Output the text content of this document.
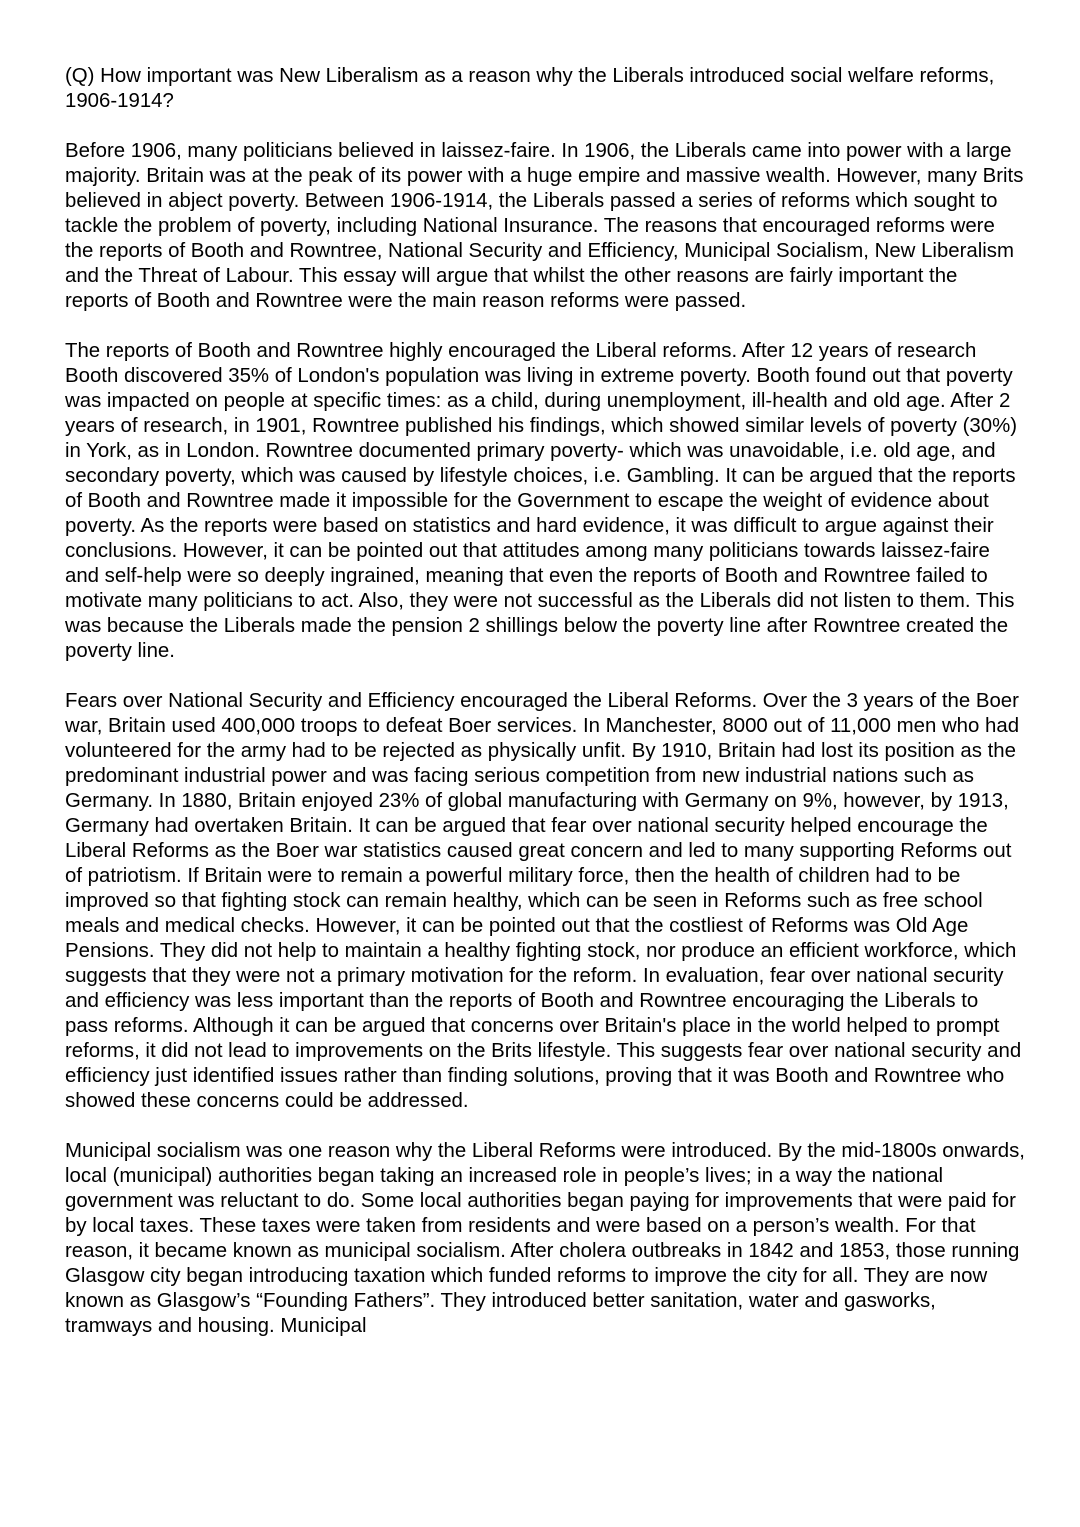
(Q) How important was New Liberalism as a reason why the Liberals introduced social welfare reforms, 1906-1914?

Before 1906, many politicians believed in laissez-faire. In 1906, the Liberals came into power with a large majority. Britain was at the peak of its power with a huge empire and massive wealth. However, many Brits believed in abject poverty. Between 1906-1914, the Liberals passed a series of reforms which sought to tackle the problem of poverty, including National Insurance. The reasons that encouraged reforms were the reports of Booth and Rowntree, National Security and Efficiency, Municipal Socialism, New Liberalism and the Threat of Labour. This essay will argue that whilst the other reasons are fairly important the reports of Booth and Rowntree were the main reason reforms were passed.

The reports of Booth and Rowntree highly encouraged the Liberal reforms. After 12 years of research Booth discovered 35% of London's population was living in extreme poverty. Booth found out that poverty was impacted on people at specific times: as a child, during unemployment, ill-health and old age. After 2 years of research, in 1901, Rowntree published his findings, which showed similar levels of poverty (30%) in York, as in London. Rowntree documented primary poverty- which was unavoidable, i.e. old age, and secondary poverty, which was caused by lifestyle choices, i.e. Gambling. It can be argued that the reports of Booth and Rowntree made it impossible for the Government to escape the weight of evidence about poverty. As the reports were based on statistics and hard evidence, it was difficult to argue against their conclusions. However, it can be pointed out that attitudes among many politicians towards laissez-faire and self-help were so deeply ingrained, meaning that even the reports of Booth and Rowntree failed to motivate many politicians to act. Also, they were not successful as the Liberals did not listen to them. This was because the Liberals made the pension 2 shillings below the poverty line after Rowntree created the poverty line.

Fears over National Security and Efficiency encouraged the Liberal Reforms. Over the 3 years of the Boer war, Britain used 400,000 troops to defeat Boer services. In Manchester, 8000 out of 11,000 men who had volunteered for the army had to be rejected as physically unfit. By 1910, Britain had lost its position as the predominant industrial power and was facing serious competition from new industrial nations such as Germany. In 1880, Britain enjoyed 23% of global manufacturing with Germany on 9%, however, by 1913, Germany had overtaken Britain. It can be argued that fear over national security helped encourage the Liberal Reforms as the Boer war statistics caused great concern and led to many supporting Reforms out of patriotism. If Britain were to remain a powerful military force, then the health of children had to be improved so that fighting stock can remain healthy, which can be seen in Reforms such as free school meals and medical checks. However, it can be pointed out that the costliest of Reforms was Old Age Pensions. They did not help to maintain a healthy fighting stock, nor produce an efficient workforce, which suggests that they were not a primary motivation for the reform. In evaluation, fear over national security and efficiency was less important than the reports of Booth and Rowntree encouraging the Liberals to pass reforms. Although it can be argued that concerns over Britain's place in the world helped to prompt reforms, it did not lead to improvements on the Brits lifestyle. This suggests fear over national security and efficiency just identified issues rather than finding solutions, proving that it was Booth and Rowntree who showed these concerns could be addressed.

Municipal socialism was one reason why the Liberal Reforms were introduced. By the mid-1800s onwards, local (municipal) authorities began taking an increased role in people’s lives; in a way the national government was reluctant to do. Some local authorities began paying for improvements that were paid for by local taxes. These taxes were taken from residents and were based on a person’s wealth. For that reason, it became known as municipal socialism. After cholera outbreaks in 1842 and 1853, those running Glasgow city began introducing taxation which funded reforms to improve the city for all. They are now known as Glasgow’s “Founding Fathers”. They introduced better sanitation, water and gasworks, tramways and housing. Municipal
